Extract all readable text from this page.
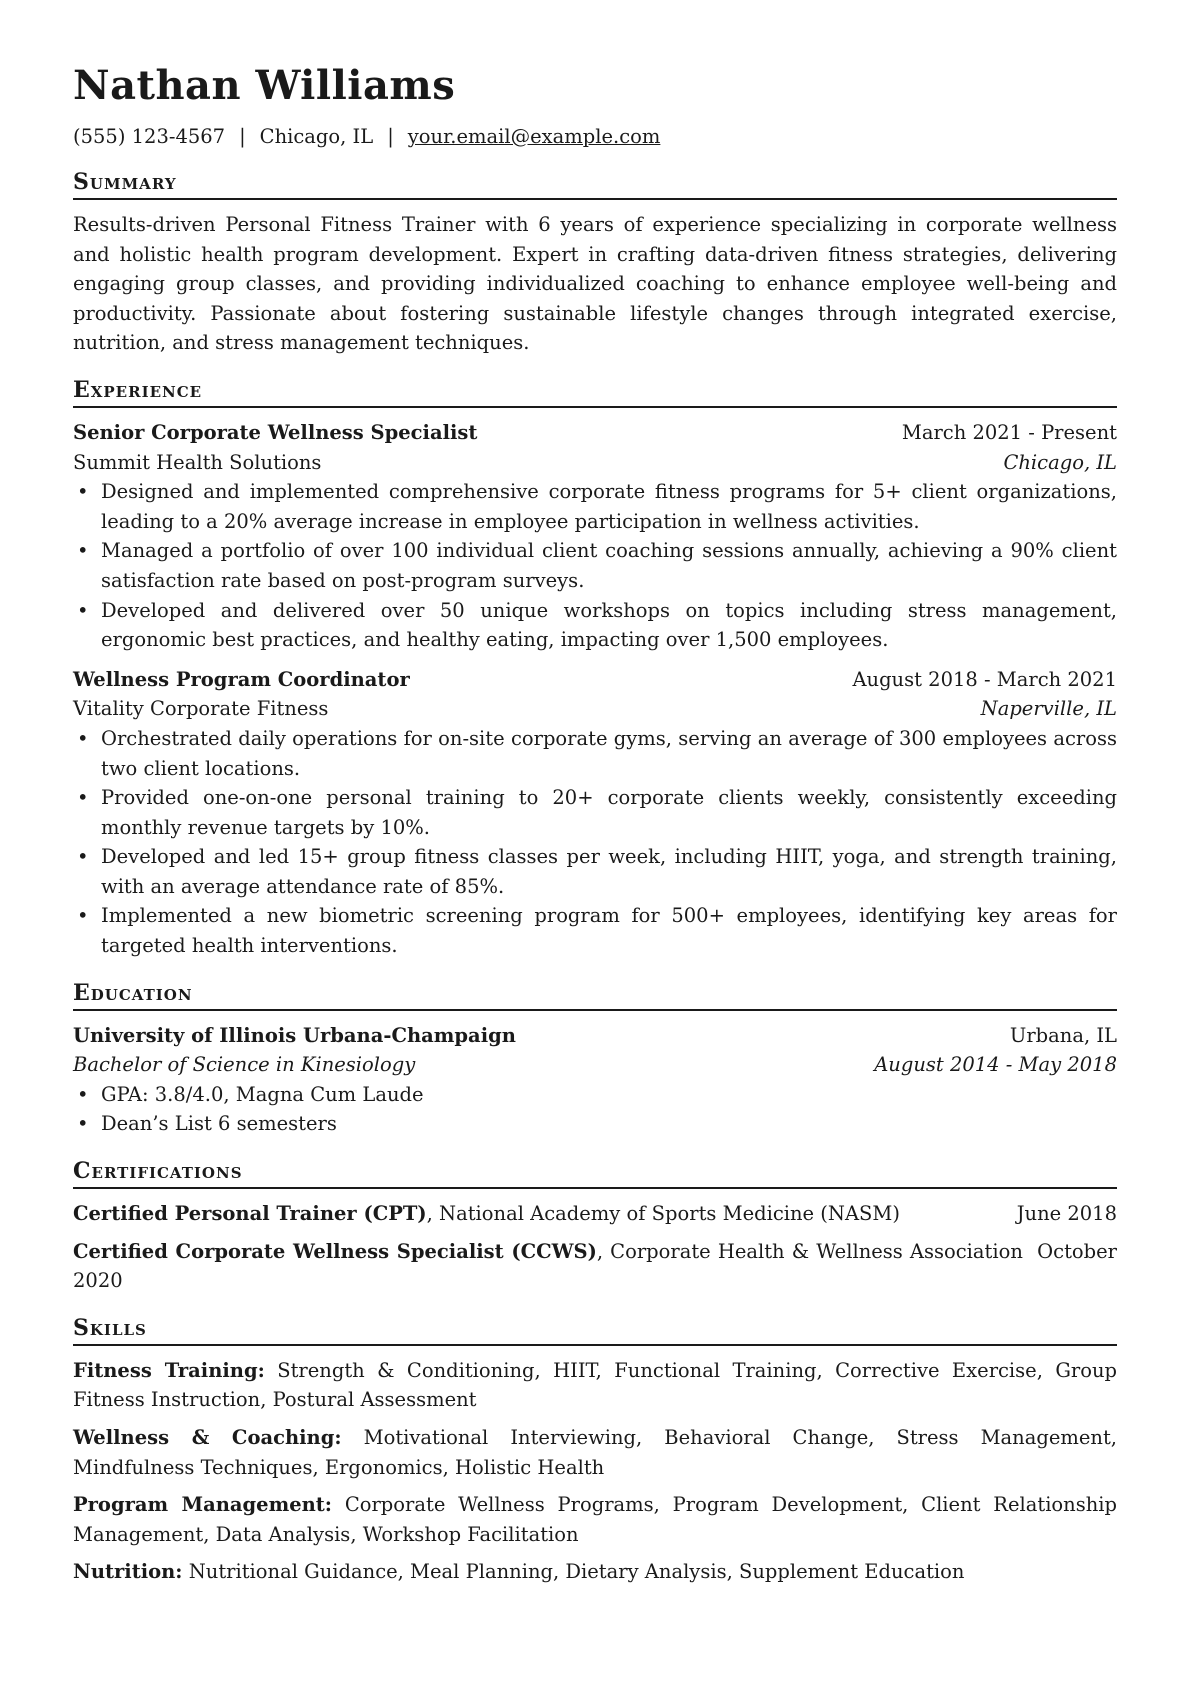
Nathan Williams
(555) 123-4567 | Chicago, IL | your.email@example.com
Summary

Results-driven Personal Fitness Trainer with 6 years of experience specializing in corporate wellness and holistic health program development. Expert in crafting data-driven fitness strategies, delivering engaging group classes, and providing individualized coaching to enhance employee well-being and productivity. Passionate about fostering sustainable lifestyle changes through integrated exercise, nutrition, and stress management techniques.

Experience
Senior Corporate Wellness Specialist	March 2021 - Present
Summit Health Solutions	Chicago, IL
• Designed and implemented comprehensive corporate fitness programs for 5+ client organizations, leading to a 20% average increase in employee participation in wellness activities.
• Managed a portfolio of over 100 individual client coaching sessions annually, achieving a 90% client satisfaction rate based on post-program surveys.
• Developed and delivered over 50 unique workshops on topics including stress management, ergonomic best practices, and healthy eating, impacting over 1,500 employees.
Wellness Program Coordinator	August 2018 - March 2021
Vitality Corporate Fitness	Naperville, IL
• Orchestrated daily operations for on-site corporate gyms, serving an average of 300 employees across two client locations.
• Provided one-on-one personal training to 20+ corporate clients weekly, consistently exceeding monthly revenue targets by 10%.
• Developed and led 15+ group fitness classes per week, including HIIT, yoga, and strength training, with an average attendance rate of 85%.
• Implemented a new biometric screening program for 500+ employees, identifying key areas for targeted health interventions.
Education
University of Illinois Urbana-Champaign	Urbana, IL
Bachelor of Science in Kinesiology	August 2014 - May 2018
• GPA: 3.8/4.0, Magna Cum Laude
• Dean’s List 6 semesters
Certifications
Certified Personal Trainer (CPT), National Academy of Sports Medicine (NASM)	June 2018
Certified Corporate Wellness Specialist (CCWS), Corporate Health & Wellness Association October 2020
Skills
Fitness Training: Strength & Conditioning, HIIT, Functional Training, Corrective Exercise, Group Fitness Instruction, Postural Assessment
Wellness & Coaching: Motivational Interviewing, Behavioral Change, Stress Management, Mindfulness Techniques, Ergonomics, Holistic Health
Program Management: Corporate Wellness Programs, Program Development, Client Relationship Management, Data Analysis, Workshop Facilitation
Nutrition: Nutritional Guidance, Meal Planning, Dietary Analysis, Supplement Education
